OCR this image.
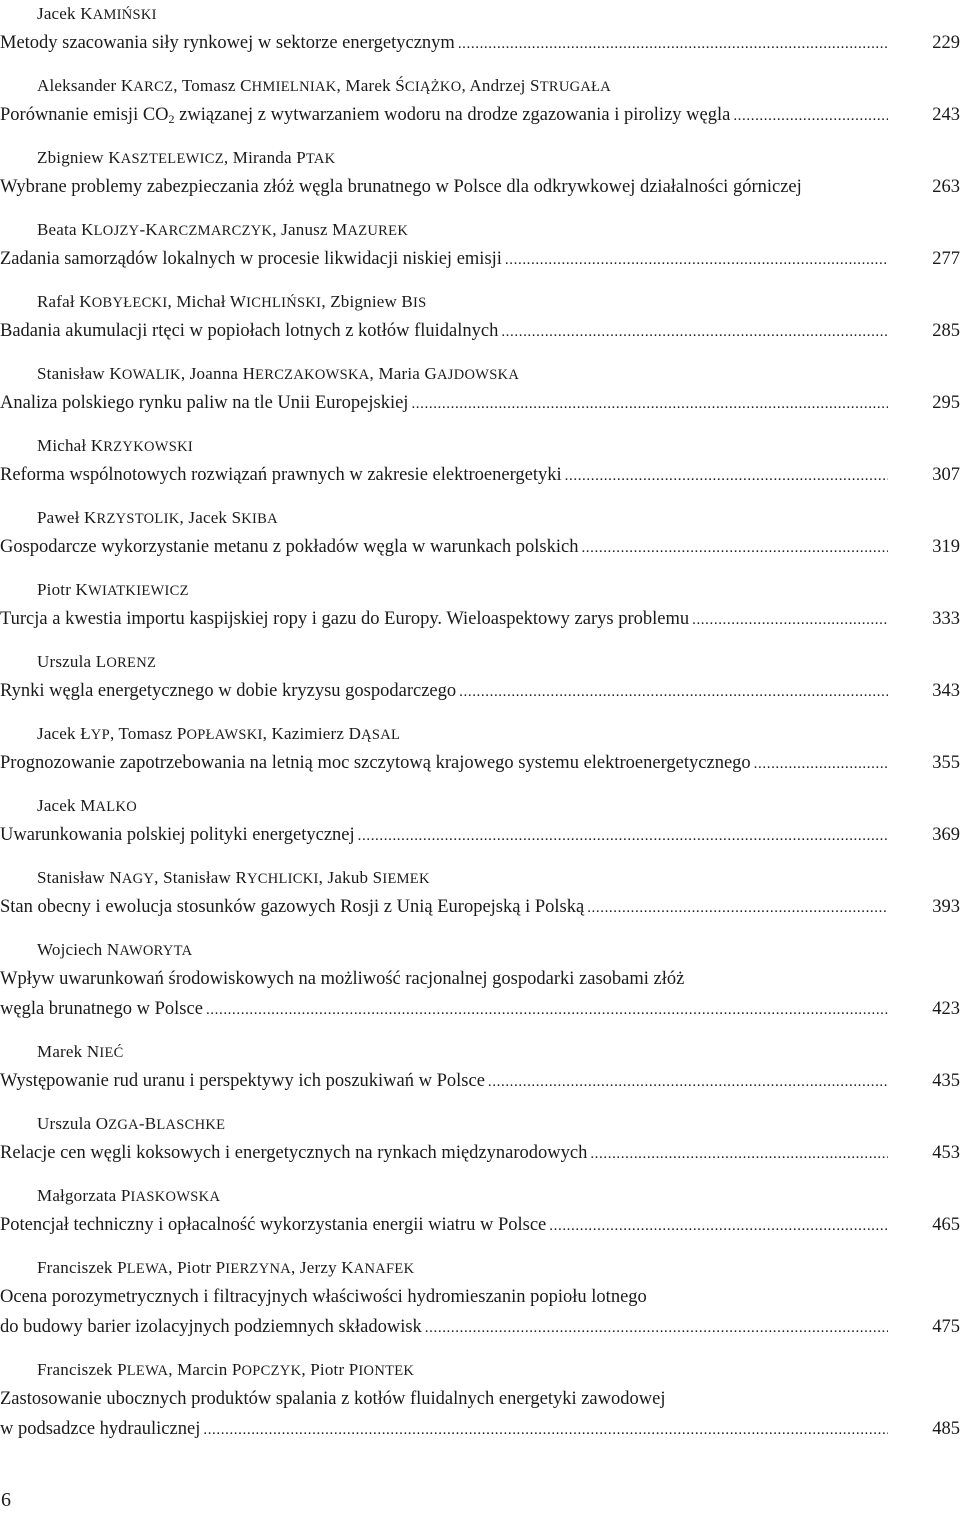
Jacek KAMIŃSKI
Metody szacowania siły rynkowej w sektorze energetycznym .....	229
Aleksander KARCZ, Tomasz CHMIELNIAK, Marek ŚCIĄŻKO, Andrzej STRUGAŁA
Porównanie emisji $CO_2$ związanej z wytwarzaniem wodoru na drodze zgazowania i pirolizy węgla .....	243
Zbigniew KASZTELEWICZ, Miranda PTAK
Wybrane problemy zabezpieczania złóż węgla brunatnego w Polsce dla odkrywkowej działalności górniczej	263
Beata KLOJZY-KARCZMARCZYK, Janusz MAZUREK
Zadania samorządów lokalnych w procesie likwidacji niskiej emisji .....	277
Rafał KOBYŁECKI, Michał WICHLIŃSKI, Zbigniew BIS
Badania akumulacji rtęci w popiołach lotnych z kotłów fluidalnych .....	285
Stanisław KOWALIK, Joanna HERCZAKOWSKA, Maria GAJDOWSKA
Analiza polskiego rynku paliw na tle Unii Europejskiej .....	295
Michał KRZYKOWSKI
Reforma wspólnotowych rozwiązań prawnych w zakresie elektroenergetyki .....	307
Paweł KRZYSTOLIK, Jacek SKIBA
Gospodarcze wykorzystanie metanu z pokładów węgla w warunkach polskich .....	319
Piotr KWIATKIEWICZ
Turcja a kwestia importu kaspijskiej ropy i gazu do Europy. Wieloaspektowy zarys problemu .....	333
Urszula LORENZ
Rynki węgla energetycznego w dobie kryzysu gospodarczego .....	343
Jacek ŁYP, Tomasz POPŁAWSKI, Kazimierz DĄSAL
Prognozowanie zapotrzebowania na letnią moc szczytową krajowego systemu elektroenergetycznego .....	355
Jacek MALKO
Uwarunkowania polskiej polityki energetycznej .....	369
Stanisław NAGY, Stanisław RYCHLICKI, Jakub SIEMEK
Stan obecny i ewolucja stosunków gazowych Rosji z Unią Europejską i Polską .....	393
Wojciech NAWORYTA
Wpływ uwarunkowań środowiskowych na możliwość racjonalnej gospodarki zasobami złóż
węgla brunatnego w Polsce .....	423
Marek NIEĆ
Występowanie rud uranu i perspektywy ich poszukiwań w Polsce .....	435
Urszula OZGA-BLASCHKE
Relacje cen węgli koksowych i energetycznych na rynkach międzynarodowych .....	453
Małgorzata PIASKOWSKA
Potencjał techniczny i opłacalność wykorzystania energii wiatru w Polsce .....	465
Franciszek PLEWA, Piotr PIERZYNA, Jerzy KANAFEK
Ocena porozymetrycznych i filtracyjnych właściwości hydromieszanin popiołu lotnego
do budowy barier izolacyjnych podziemnych składowisk .....	475
Franciszek PLEWA, Marcin POPCZYK, Piotr PIONTEK
Zastosowanie ubocznych produktów spalania z kotłów fluidalnych energetyki zawodowej
w podsadzce hydraulicznej .....	485
6
